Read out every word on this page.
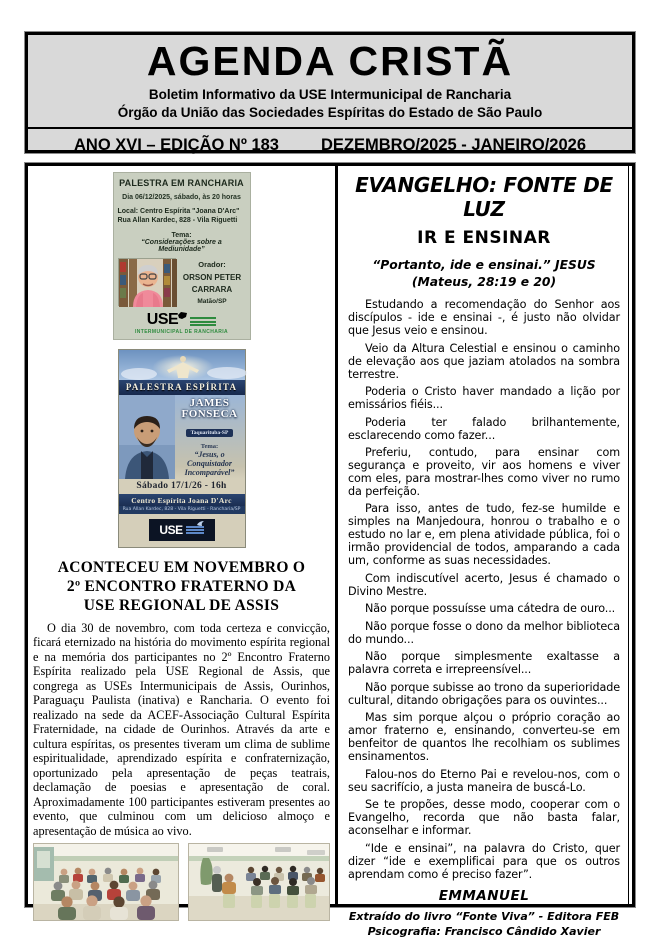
AGENDA CRISTÃ
Boletim Informativo da USE Intermunicipal de Rancharia
Órgão da União das Sociedades Espíritas do Estado de São Paulo
ANO XVI – EDIÇÃO Nº 183	DEZEMBRO/2025 - JANEIRO/2026
PALESTRA EM RANCHARIA
Dia 06/12/2025, sábado, às 20 horas
Local: Centro Espírita "Joana D'Arc"
Rua Allan Kardec, 828 - Vila Riguetti
Tema:
“Considerações sobre a Mediunidade”
Orador:
ORSON PETER
CARRARA
Matão/SP
USE
INTERMUNICIPAL DE RANCHARIA
PALESTRA ESPÍRITA
JAMES
FONSECA
Taquarituba-SP
Tema:
“Jesus, o Conquistador Incomparável”
Sábado 17/1/26 - 16h
Centro Espírita Joana D'Arc
Rua Allan Kardec, 828 - Vila Riguetti - Rancharia/SP
USE
ACONTECEU EM NOVEMBRO O
2º ENCONTRO FRATERNO DA
USE REGIONAL DE ASSIS
O dia 30 de novembro, com toda certeza e convicção, ficará eternizado na história do movimento espírita regional e na memória dos participantes no 2º Encontro Fraterno Espírita realizado pela USE Regional de Assis, que congrega as USEs Intermunicipais de Assis, Ourinhos, Paraguaçu Paulista (inativa) e Rancharia. O evento foi realizado na sede da ACEF-Associação Cultural Espírita Fraternidade, na cidade de Ourinhos. Através da arte e cultura espíritas, os presentes tiveram um clima de sublime espiritualidade, aprendizado espírita e confraternização, oportunizado pela apresentação de peças teatrais, declamação de poesias e apresentação de coral. Aproximadamente 100 participantes estiveram presentes ao evento, que culminou com um delicioso almoço e apresentação de música ao vivo.
EVANGELHO: FONTE DE LUZ
IR E ENSINAR
“Portanto, ide e ensinai.” JESUS
(Mateus, 28:19 e 20)

Estudando a recomendação do Senhor aos discípulos - ide e ensinai -, é justo não olvidar que Jesus veio e ensinou.

Veio da Altura Celestial e ensinou o caminho de elevação aos que jaziam atolados na sombra terrestre.

Poderia o Cristo haver mandado a lição por emissários fiéis...

Poderia ter falado brilhantemente, esclarecendo como fazer...

Preferiu, contudo, para ensinar com segurança e proveito, vir aos homens e viver com eles, para mostrar-lhes como viver no rumo da perfeição.

Para isso, antes de tudo, fez-se humilde e simples na Manjedoura, honrou o trabalho e o estudo no lar e, em plena atividade pública, foi o irmão providencial de todos, amparando a cada um, conforme as suas necessidades.

Com indiscutível acerto, Jesus é chamado o Divino Mestre.

Não porque possuísse uma cátedra de ouro...

Não porque fosse o dono da melhor biblioteca do mundo...

Não porque simplesmente exaltasse a palavra correta e irrepreensível...

Não porque subisse ao trono da superioridade cultural, ditando obrigações para os ouvintes...

Mas sim porque alçou o próprio coração ao amor fraterno e, ensinando, converteu-se em benfeitor de quantos lhe recolhiam os sublimes ensinamentos.

Falou-nos do Eterno Pai e revelou-nos, com o seu sacrifício, a justa maneira de buscá-Lo.

Se te propões, desse modo, cooperar com o Evangelho, recorda que não basta falar, aconselhar e informar.

“Ide e ensinai”, na palavra do Cristo, quer dizer “ide e exemplificai para que os outros aprendam como é preciso fazer”.

EMMANUEL
Extraído do livro “Fonte Viva” - Editora FEB
Psicografia: Francisco Cândido Xavier
